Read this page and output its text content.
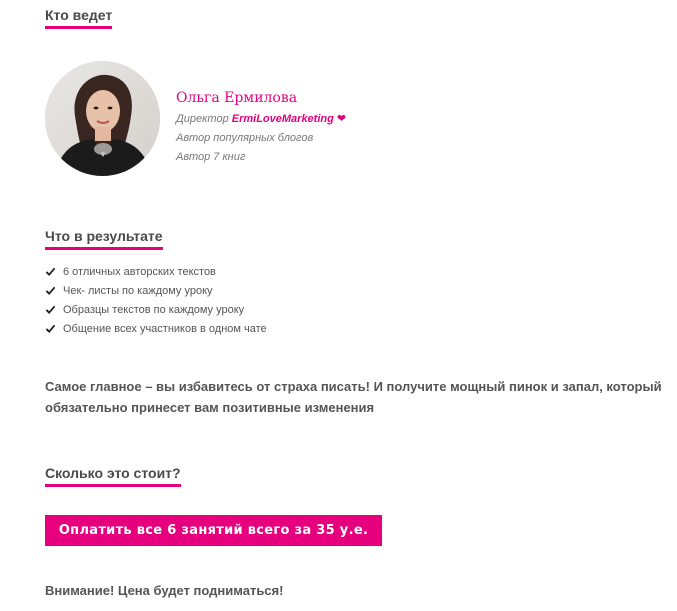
Кто ведет

Ольга Ермилова

Директор ErmiLoveMarketing ❤

Автор популярных блогов

Автор 7 книг

Что в результате
6 отличных авторских текстов
Чек- листы по каждому уроку
Образцы текстов по каждому уроку
Общение всех участников в одном чате

Самое главное – вы избавитесь от страха писать! И получите мощный пинок и запал, который обязательно принесет вам позитивные изменения

Сколько это стоит?
Оплатить все 6 занятий всего за 35 у.е.

Внимание! Цена будет подниматься!
